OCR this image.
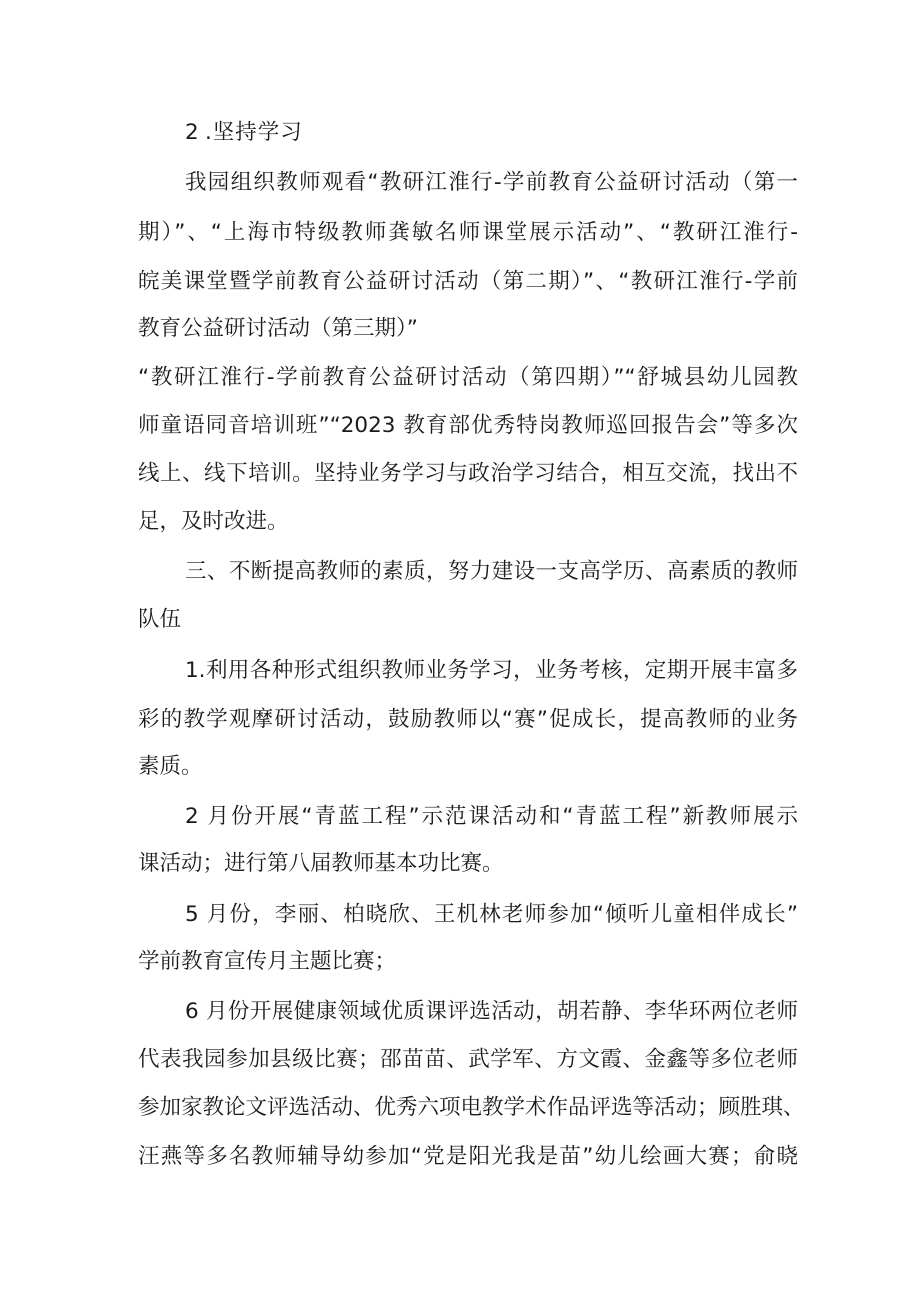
2 .坚持学习
我园组织教师观看“教研江淮行-学前教育公益研讨活动（第一
期）”、“上海市特级教师龚敏名师课堂展示活动”、“教研江淮行-
皖美课堂暨学前教育公益研讨活动（第二期）”、“教研江淮行-学前
教育公益研讨活动（第三期）”
“教研江淮行-学前教育公益研讨活动（第四期）”“舒城县幼儿园教
师童语同音培训班”“2023 教育部优秀特岗教师巡回报告会”等多次
线上、线下培训。坚持业务学习与政治学习结合，相互交流，找出不
足，及时改进。
三、不断提高教师的素质，努力建设一支高学历、高素质的教师
队伍
1.利用各种形式组织教师业务学习，业务考核，定期开展丰富多
彩的教学观摩研讨活动，鼓励教师以“赛”促成长，提高教师的业务
素质。
2 月份开展“青蓝工程”示范课活动和“青蓝工程”新教师展示
课活动；进行第八届教师基本功比赛。
5 月份，李丽、柏晓欣、王机林老师参加“倾听儿童相伴成长”
学前教育宣传月主题比赛；
6 月份开展健康领域优质课评选活动，胡若静、李华环两位老师
代表我园参加县级比赛；邵苗苗、武学军、方文霞、金鑫等多位老师
参加家教论文评选活动、优秀六项电教学术作品评选等活动；顾胜琪、
汪燕等多名教师辅导幼参加“党是阳光我是苗”幼儿绘画大赛；俞晓
